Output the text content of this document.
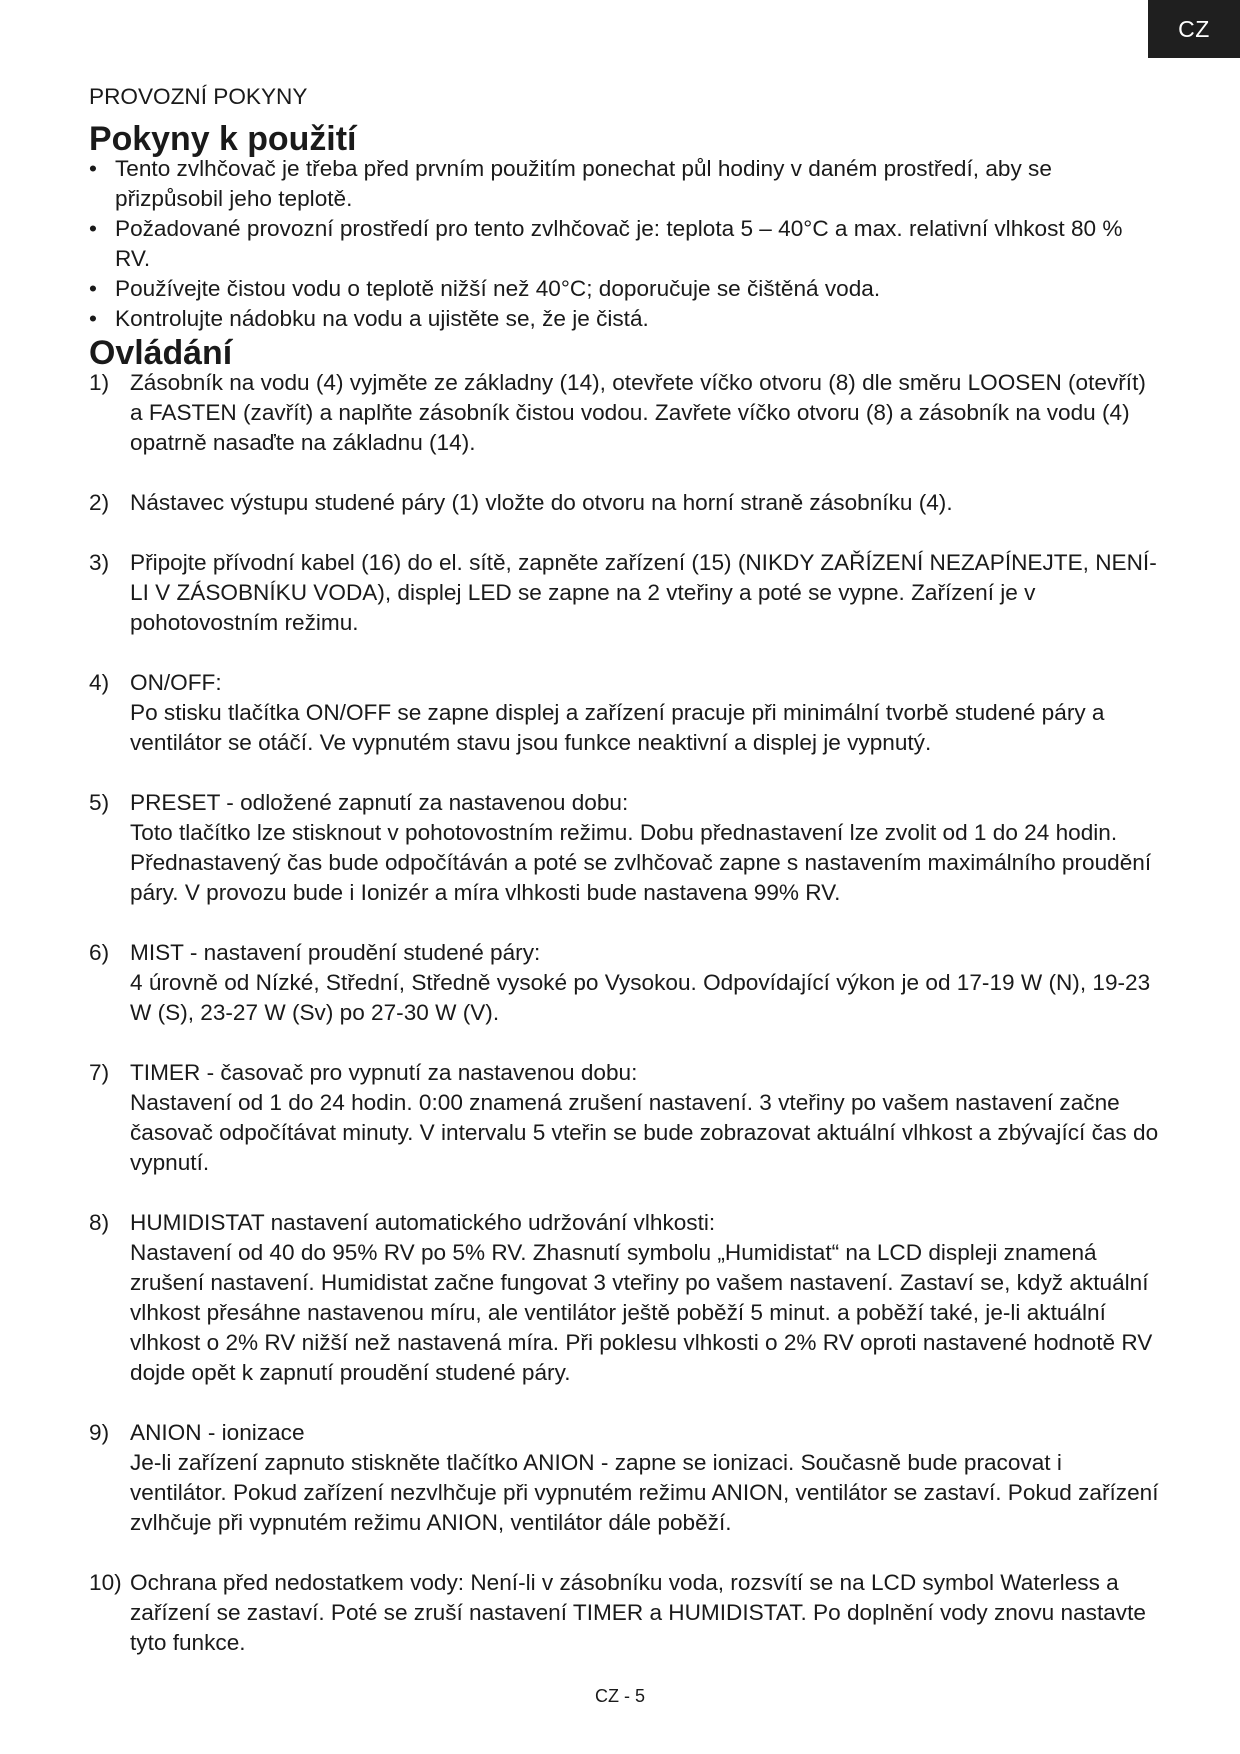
CZ
PROVOZNÍ POKYNY
Pokyny k použití
• Tento zvlhčovač je třeba před prvním použitím ponechat půl hodiny v daném prostředí, aby se přizpůsobil jeho teplotě.
• Požadované provozní prostředí pro tento zvlhčovač je: teplota 5 – 40°C a max. relativní vlhkost 80 % RV.
• Používejte čistou vodu o teplotě nižší než 40°C; doporučuje se čištěná voda.
• Kontrolujte nádobku na vodu a ujistěte se, že je čistá.
Ovládání
1) Zásobník na vodu (4) vyjměte ze základny (14), otevřete víčko otvoru (8) dle směru LOOSEN (otevřít) a FASTEN (zavřít) a naplňte zásobník čistou vodou. Zavřete víčko otvoru (8) a zásobník na vodu (4) opatrně nasaďte na základnu (14).

2) Nástavec výstupu studené páry (1) vložte do otvoru na horní straně zásobníku (4).

3) Připojte přívodní kabel (16) do el. sítě, zapněte zařízení (15) (NIKDY ZAŘÍZENÍ NEZAPÍNEJTE, NENÍ-LI V ZÁSOBNÍKU VODA), displej LED se zapne na 2 vteřiny a poté se vypne. Zařízení je v pohotovostním režimu.

4) ON/OFF:

Po stisku tlačítka ON/OFF se zapne displej a zařízení pracuje při minimální tvorbě studené páry a ventilátor se otáčí. Ve vypnutém stavu jsou funkce neaktivní a displej je vypnutý.

5) PRESET - odložené zapnutí za nastavenou dobu:

Toto tlačítko lze stisknout v pohotovostním režimu. Dobu přednastavení lze zvolit od 1 do 24 hodin. Přednastavený čas bude odpočítáván a poté se zvlhčovač zapne s nastavením maximálního proudění páry. V provozu bude i Ionizér a míra vlhkosti bude nastavena 99% RV.

6) MIST - nastavení proudění studené páry:

4 úrovně od Nízké, Střední, Středně vysoké po Vysokou. Odpovídající výkon je od 17-19 W (N), 19-23 W (S), 23-27 W (Sv) po 27-30 W (V).

7) TIMER - časovač pro vypnutí za nastavenou dobu:

Nastavení od 1 do 24 hodin. 0:00 znamená zrušení nastavení. 3 vteřiny po vašem nastavení začne časovač odpočítávat minuty. V intervalu 5 vteřin se bude zobrazovat aktuální vlhkost a zbývající čas do vypnutí.

8) HUMIDISTAT nastavení automatického udržování vlhkosti:

Nastavení od 40 do 95% RV po 5% RV. Zhasnutí symbolu „Humidistat“ na LCD displeji znamená zrušení nastavení. Humidistat začne fungovat 3 vteřiny po vašem nastavení. Zastaví se, když aktuální vlhkost přesáhne nastavenou míru, ale ventilátor ještě poběží 5 minut. a poběží také, je-li aktuální vlhkost o 2% RV nižší než nastavená míra. Při poklesu vlhkosti o 2% RV oproti nastavené hodnotě RV dojde opět k zapnutí proudění studené páry.

9) ANION - ionizace

Je-li zařízení zapnuto stiskněte tlačítko ANION - zapne se ionizaci. Současně bude pracovat i ventilátor. Pokud zařízení nezvlhčuje při vypnutém režimu ANION, ventilátor se zastaví. Pokud zařízení zvlhčuje při vypnutém režimu ANION, ventilátor dále poběží.

10) Ochrana před nedostatkem vody: Není-li v zásobníku voda, rozsvítí se na LCD symbol Waterless a zařízení se zastaví. Poté se zruší nastavení TIMER a HUMIDISTAT. Po doplnění vody znovu nastavte tyto funkce.

CZ - 5
